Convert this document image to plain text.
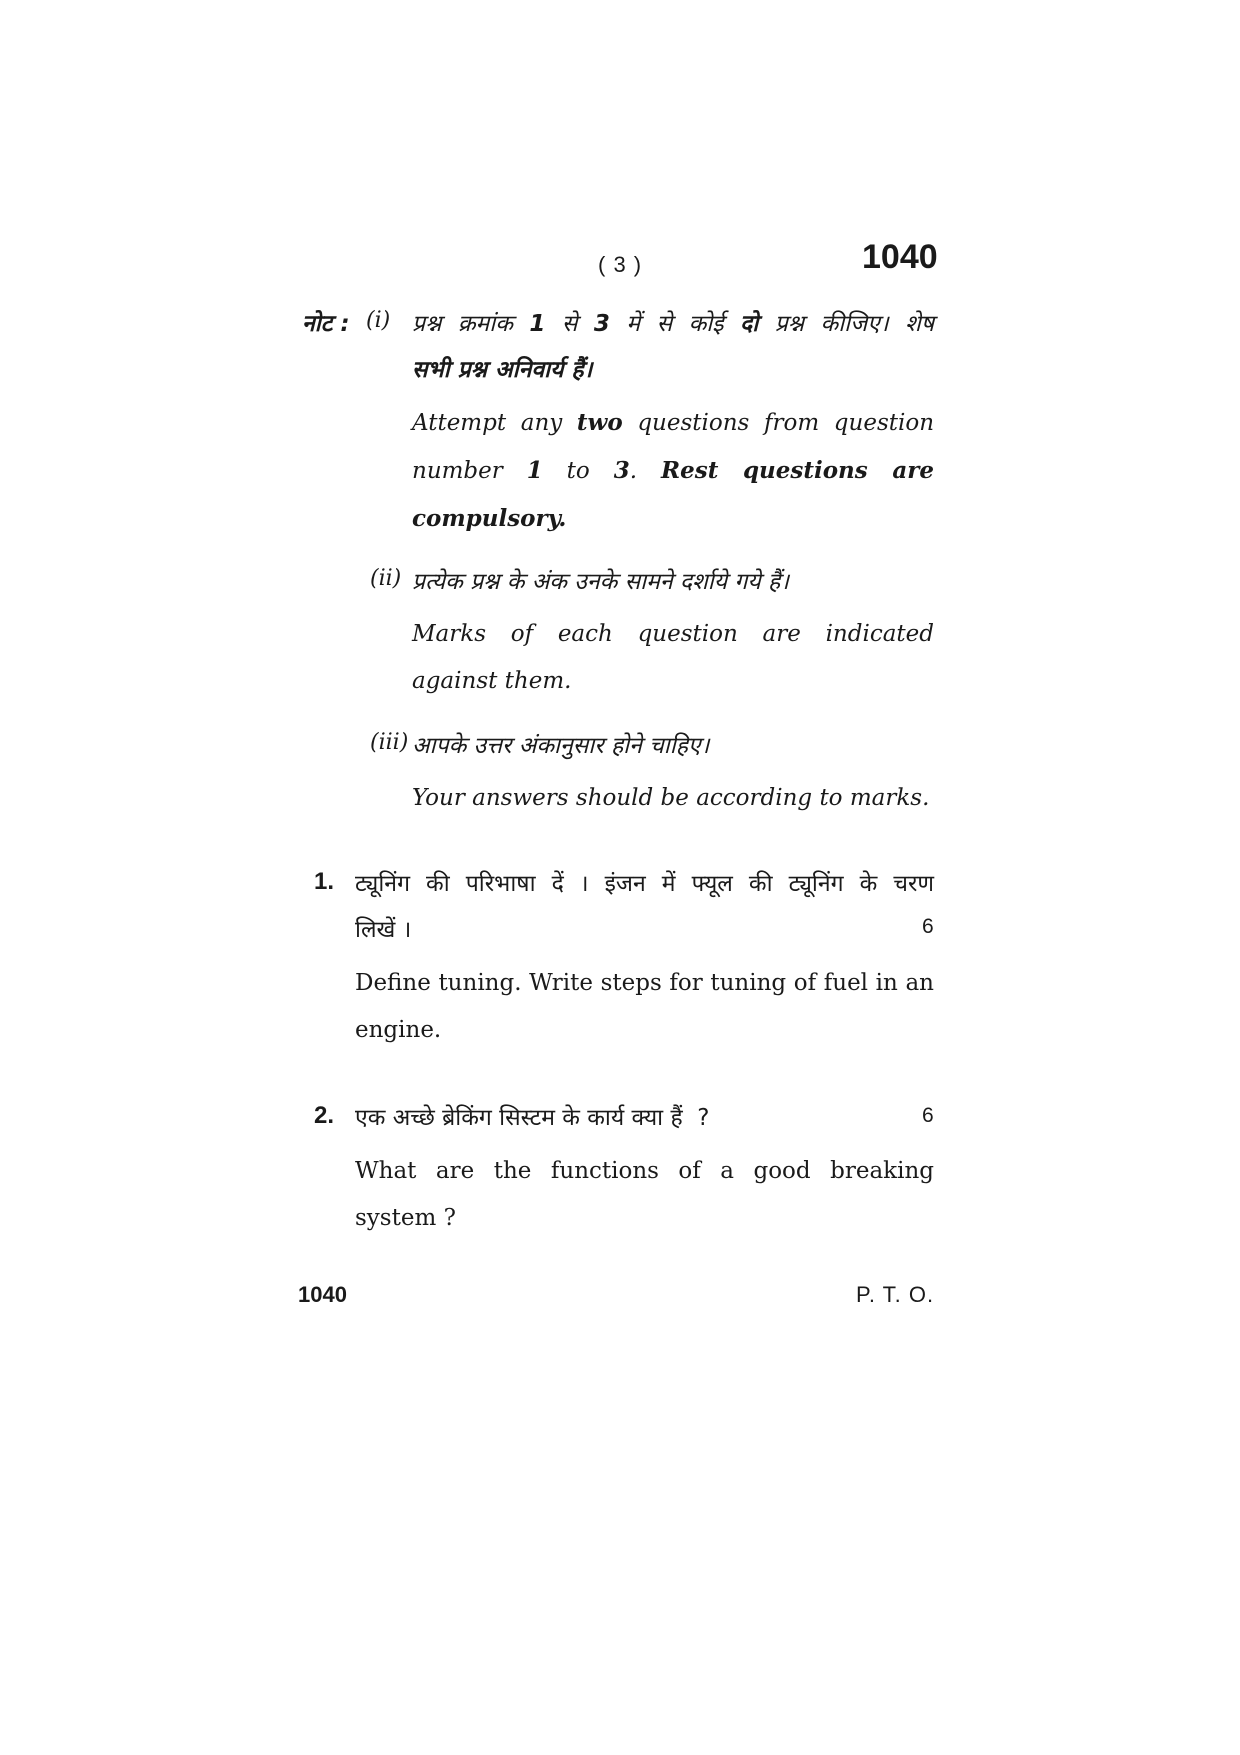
( 3 )	1040
नोट : (i) प्रश्न क्रमांक 1 से 3 में से कोई दो प्रश्न कीजिए। शेष
सभी प्रश्न अनिवार्य हैं।
Attempt any two questions from question number 1 to 3. Rest questions are compulsory.
(ii) प्रत्येक प्रश्न के अंक उनके सामने दर्शाये गये हैं।
Marks of each question are indicated against them.
(iii) आपके उत्तर अंकानुसार होने चाहिए।
Your answers should be according to marks.
1. ट्यूनिंग की परिभाषा दें । इंजन में फ्यूल की ट्यूनिंग के चरण
लिखें ।	6
Define tuning. Write steps for tuning of fuel in an engine.
2. एक अच्छे ब्रेकिंग सिस्टम के कार्य क्या हैं  ?	6
What are the functions of a good breaking system ?
1040	P. T. O.
